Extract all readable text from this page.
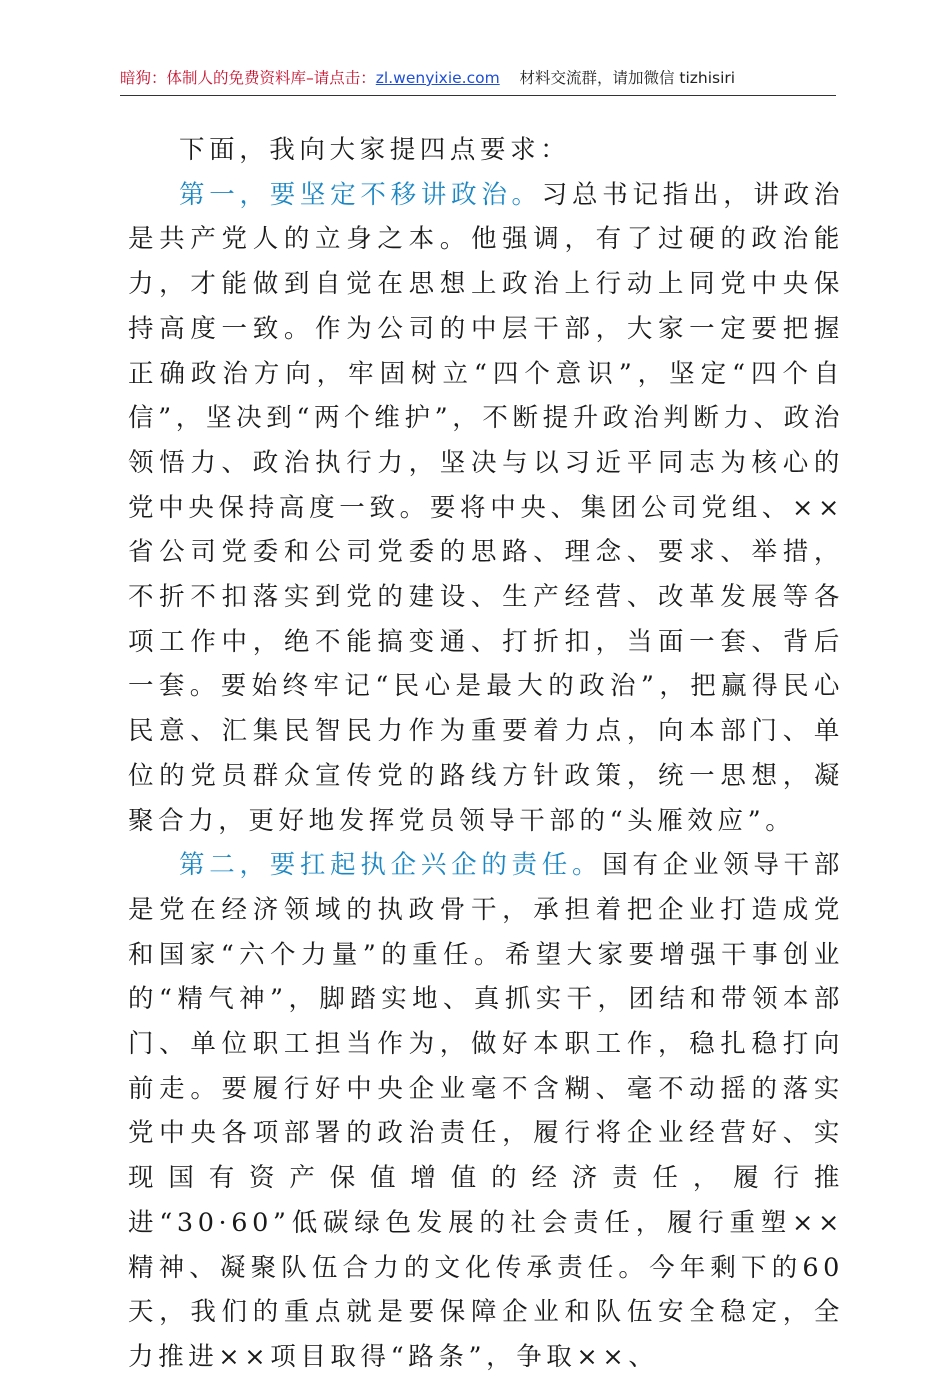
暗狗：体制人的免费资料库–请点击：zl.wenyixie.com 材料交流群，请加微信 tizhisiri

下面，我向大家提四点要求：

第一，要坚定不移讲政治。习总书记指出，讲政治是共产党人的立身之本。他强调，有了过硬的政治能力，才能做到自觉在思想上政治上行动上同党中央保持高度一致。作为公司的中层干部，大家一定要把握正确政治方向，牢固树立“四个意识”，坚定“四个自信”，坚决到“两个维护”，不断提升政治判断力、政治领悟力、政治执行力，坚决与以习近平同志为核心的党中央保持高度一致。要将中央、集团公司党组、××省公司党委和公司党委的思路、理念、要求、举措，不折不扣落实到党的建设、生产经营、改革发展等各项工作中，绝不能搞变通、打折扣，当面一套、背后一套。要始终牢记“民心是最大的政治”，把赢得民心民意、汇集民智民力作为重要着力点，向本部门、单位的党员群众宣传党的路线方针政策，统一思想，凝聚合力，更好地发挥党员领导干部的“头雁效应”。

第二，要扛起执企兴企的责任。国有企业领导干部是党在经济领域的执政骨干，承担着把企业打造成党和国家“六个力量”的重任。希望大家要增强干事创业的“精气神”，脚踏实地、真抓实干，团结和带领本部门、单位职工担当作为，做好本职工作，稳扎稳打向前走。要履行好中央企业毫不含糊、毫不动摇的落实党中央各项部署的政治责任，履行将企业经营好、实现国有资产保值增值的经济责任，履行推进“30·60”低碳绿色发展的社会责任，履行重塑××精神、凝聚队伍合力的文化传承责任。今年剩下的60天，我们的重点就是要保障企业和队伍安全稳定，全力推进××项目取得“路条”，争取××、
